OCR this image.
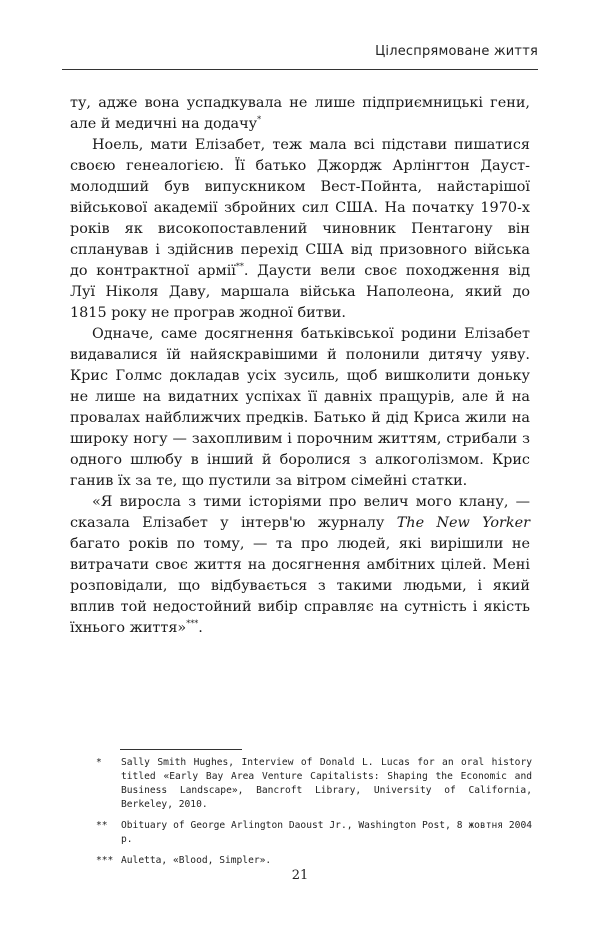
Цілеспрямоване життя

ту, адже вона успадкувала не лише підприємницькі гени, але й медичні на додачу*

Ноель, мати Елізабет, теж мала всі підстави пишатися своєю генеалогією. Її батько Джордж Арлінгтон Дауст-молодший був випускником Вест-Пойнта, найстарішої військової академії збройних сил США. На початку 1970-х років як високопоставлений чиновник Пентагону він спланував і здійснив перехід США від призовного війська до контрактної армії**. Дауcти вели своє походження від Луї Ніколя Даву, маршала війська Наполеона, який до 1815 року не програв жодної битви.

Одначе, саме досягнення батьківської родини Елізабет видавалися їй найяскравішими й полонили дитячу уяву. Крис Голмс докладав усіх зусиль, щоб вишколити доньку не лише на видатних успіхах її давніх пращурів, але й на провалах найближчих предків. Батько й дід Криса жили на широку ногу — захопливим і порочним життям, стрибали з одного шлюбу в інший й боролися з алкоголізмом. Крис ганив їх за те, що пустили за вітром сімейні статки.

«Я виросла з тими історіями про велич мого клану, — сказала Елізабет у інтерв'ю журналу The New Yorker багато років по тому, — та про людей, які вирішили не витрачати своє життя на досягнення амбітних цілей. Мені розповідали, що відбувається з такими людьми, і який вплив той недостойний вибір справляє на сутність і якість їхнього життя»***.

*	Sally Smith Hughes, Interview of Donald L. Lucas for an oral history titled «Early Bay Area Venture Capitalists: Shaping the Economic and Business Landscape», Bancroft Library, University of California, Berkeley, 2010.
**	Obituary of George Arlington Daoust Jr., Washington Post, 8 жовтня 2004 р.
*** Auletta, «Blood, Simpler».
21
